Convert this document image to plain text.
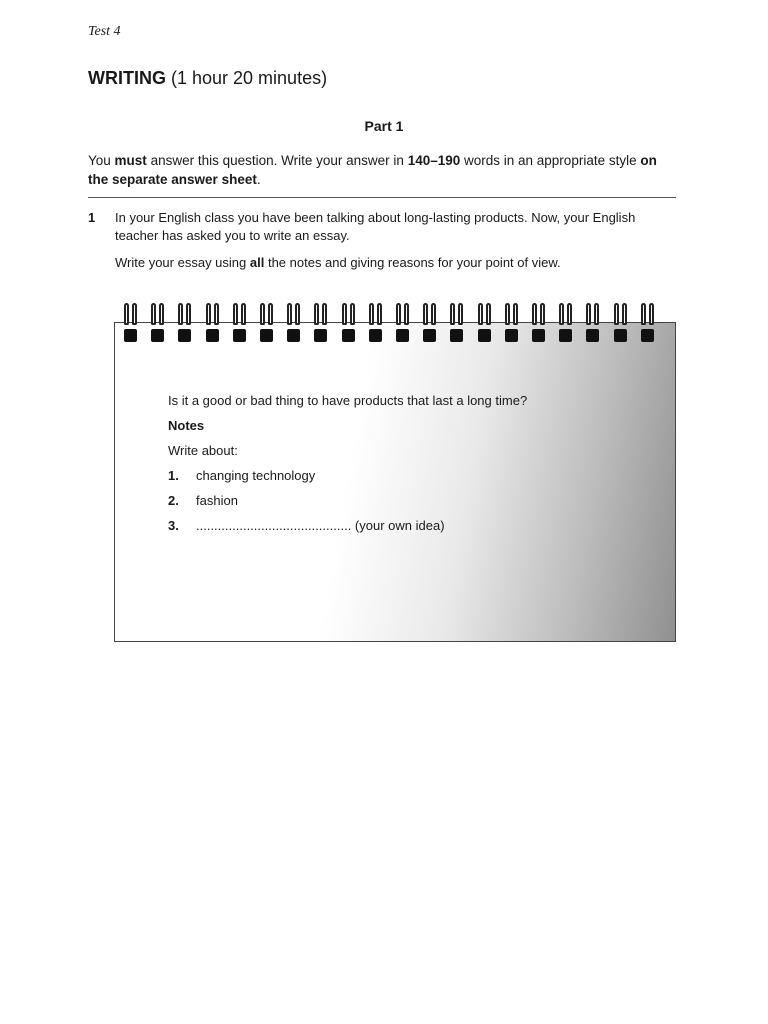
Test 4
WRITING (1 hour 20 minutes)
Part 1
You must answer this question. Write your answer in 140–190 words in an appropriate style on the separate answer sheet.
1 In your English class you have been talking about long-lasting products. Now, your English teacher has asked you to write an essay.
Write your essay using all the notes and giving reasons for your point of view.
Is it a good or bad thing to have products that last a long time?
Notes
Write about:
1. changing technology
2. fashion
3. ........................................... (your own idea)
